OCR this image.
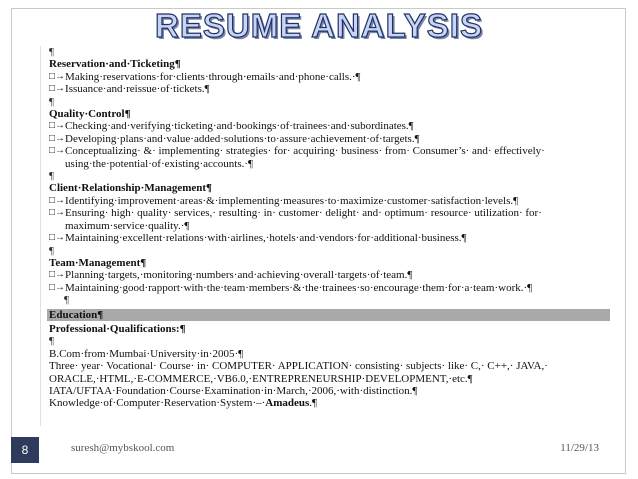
RESUME ANALYSIS
¶
Reservation·and·Ticketing¶
□→ Making·reservations·for·clients·through·emails·and·phone·calls.·¶
□→ Issuance·and·reissue·of·tickets.¶
¶
Quality·Control¶
□→ Checking·and·verifying·ticketing·and·bookings·of·trainees·and·subordinates.¶
□→ Developing·plans·and·value·added·solutions·to·assure·achievement·of·targets.¶
□→ Conceptualizing· &· implementing· strategies· for· acquiring· business· from· Consumer’s· and· effectively· using·the·potential·of·existing·accounts.·¶
¶
Client·Relationship·Management¶
□→ Identifying·improvement·areas·&·implementing·measures·to·maximize·customer·satisfaction·levels.¶
□→ Ensuring· high· quality· services,· resulting· in· customer· delight· and· optimum· resource· utilization· for· maximum·service·quality.·¶
□→ Maintaining·excellent·relations·with·airlines,·hotels·and·vendors·for·additional·business.¶
¶
Team·Management¶
□→ Planning·targets,·monitoring·numbers·and·achieving·overall·targets·of·team.¶
□→ Maintaining·good·rapport·with·the·team·members·&·the·trainees·so·encourage·them·for·a·team·work.·¶
¶
Education¶
Professional·Qualifications:¶
¶
B.Com·from·Mumbai·University·in·2005·¶
Three· year· Vocational· Course· in· COMPUTER· APPLICATION· consisting· subjects· like· C,· C++,· JAVA,· ORACLE,·HTML,·E-COMMERCE,·VB6.0,·ENTREPRENEURSHIP·DEVELOPMENT,·etc.¶
IATA/UFTAA·Foundation·Course·Examination·in·March,·2006,·with·distinction.¶
Knowledge·of·Computer·Reservation·System·–·Amadeus.¶
8	suresh@mybskool.com	11/29/13
